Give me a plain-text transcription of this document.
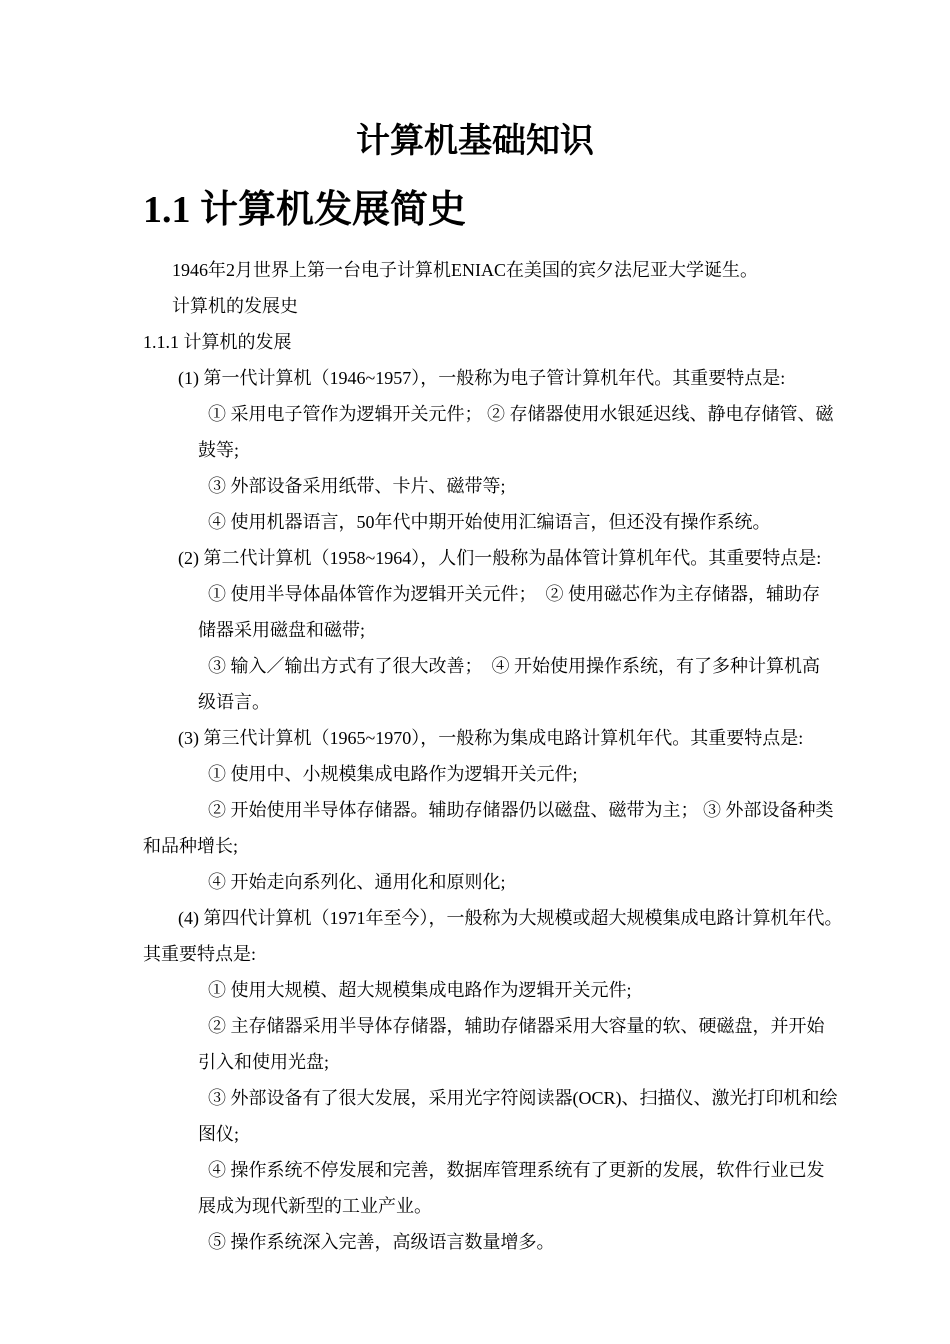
计算机基础知识
1.1 计算机发展简史
1946年2月世界上第一台电子计算机ENIAC在美国的宾夕法尼亚大学诞生。
计算机的发展史
1.1.1 计算机的发展
(1) 第一代计算机（1946~1957），一般称为电子管计算机年代。其重要特点是:
① 采用电子管作为逻辑开关元件； ② 存储器使用水银延迟线、静电存储管、磁
鼓等;
③ 外部设备采用纸带、卡片、磁带等;
④ 使用机器语言，50年代中期开始使用汇编语言，但还没有操作系统。
(2) 第二代计算机（1958~1964），人们一般称为晶体管计算机年代。其重要特点是:
① 使用半导体晶体管作为逻辑开关元件；  ② 使用磁芯作为主存储器，辅助存
储器采用磁盘和磁带;
③ 输入／输出方式有了很大改善；  ④ 开始使用操作系统，有了多种计算机高
级语言。
(3) 第三代计算机（1965~1970），一般称为集成电路计算机年代。其重要特点是:
① 使用中、小规模集成电路作为逻辑开关元件;
② 开始使用半导体存储器。辅助存储器仍以磁盘、磁带为主； ③ 外部设备种类
和品种增长;
④ 开始走向系列化、通用化和原则化;
(4) 第四代计算机（1971年至今），一般称为大规模或超大规模集成电路计算机年代。
其重要特点是:
① 使用大规模、超大规模集成电路作为逻辑开关元件;
② 主存储器采用半导体存储器，辅助存储器采用大容量的软、硬磁盘，并开始
引入和使用光盘;
③ 外部设备有了很大发展，采用光字符阅读器(OCR)、扫描仪、激光打印机和绘
图仪;
④ 操作系统不停发展和完善，数据库管理系统有了更新的发展，软件行业已发
展成为现代新型的工业产业。
⑤ 操作系统深入完善，高级语言数量增多。
